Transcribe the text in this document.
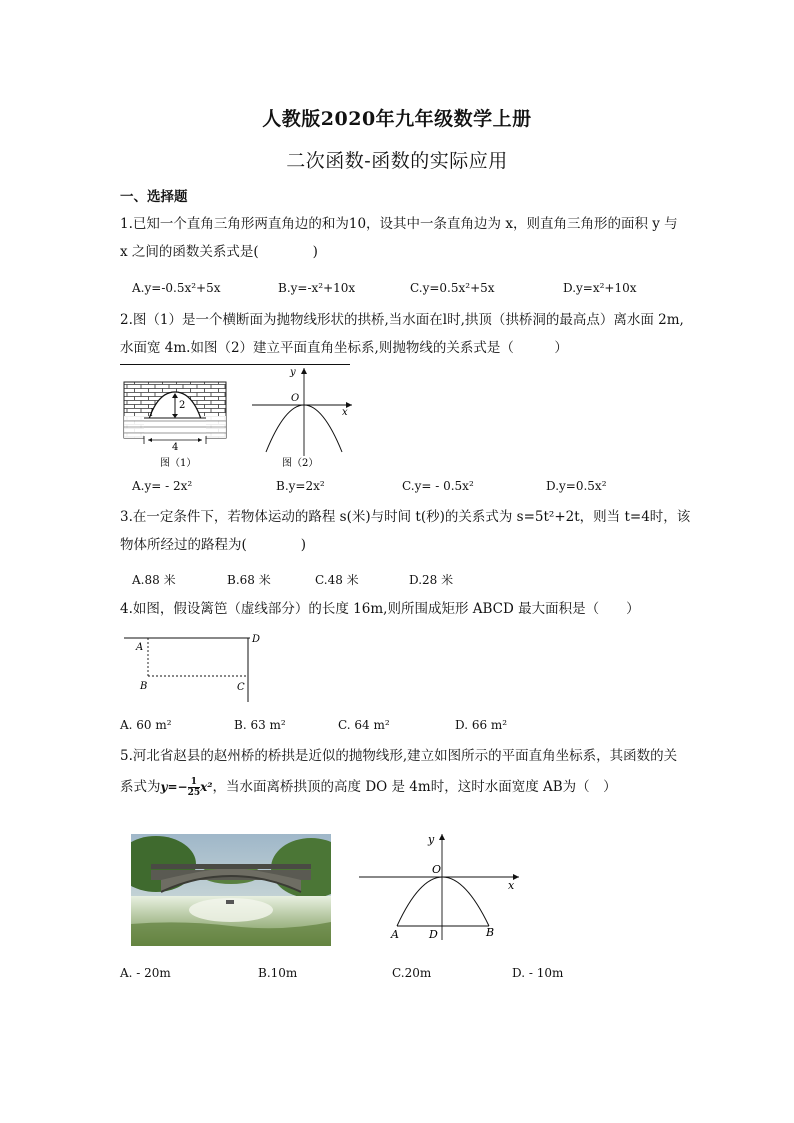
人教版2020年九年级数学上册
二次函数-函数的实际应用
一、选择题
1.已知一个直角三角形两直角边的和为10，设其中一条直角边为 x，则直角三角形的面积 y 与
x 之间的函数关系式是(　　　　)
A.y=-0.5x²+5x	B.y=-x²+10x	C.y=0.5x²+5x	D.y=x²+10x
2.图（1）是一个横断面为抛物线形状的拱桥,当水面在l时,拱顶（拱桥洞的最高点）离水面 2m,
水面宽 4m.如图（2）建立平面直角坐标系,则抛物线的关系式是（　　　）
2
4
l
图（1）
y
x
O
图（2）
A.y= - 2x²	B.y=2x²	C.y= - 0.5x²	D.y=0.5x²
3.在一定条件下，若物体运动的路程 s(米)与时间 t(秒)的关系式为 s=5t²+2t，则当 t=4时，该
物体所经过的路程为(　　　　)
A.88 米	B.68 米	C.48 米	D.28 米
4.如图，假设篱笆（虚线部分）的长度 16m,则所围成矩形 ABCD 最大面积是（　　）
A
D
B	C
A. 60 m²	B. 63 m²	C. 64 m²	D. 66 m²
5.河北省赵县的赵州桥的桥拱是近似的抛物线形,建立如图所示的平面直角坐标系，其函数的关
系式为$y=- \frac{1}{25} x^2$，当水面离桥拱顶的高度 DO 是 4m时，这时水面宽度 AB为（　）
y
x
O
A	D	B
A. - 20m	B.10m	C.20m	D. - 10m
